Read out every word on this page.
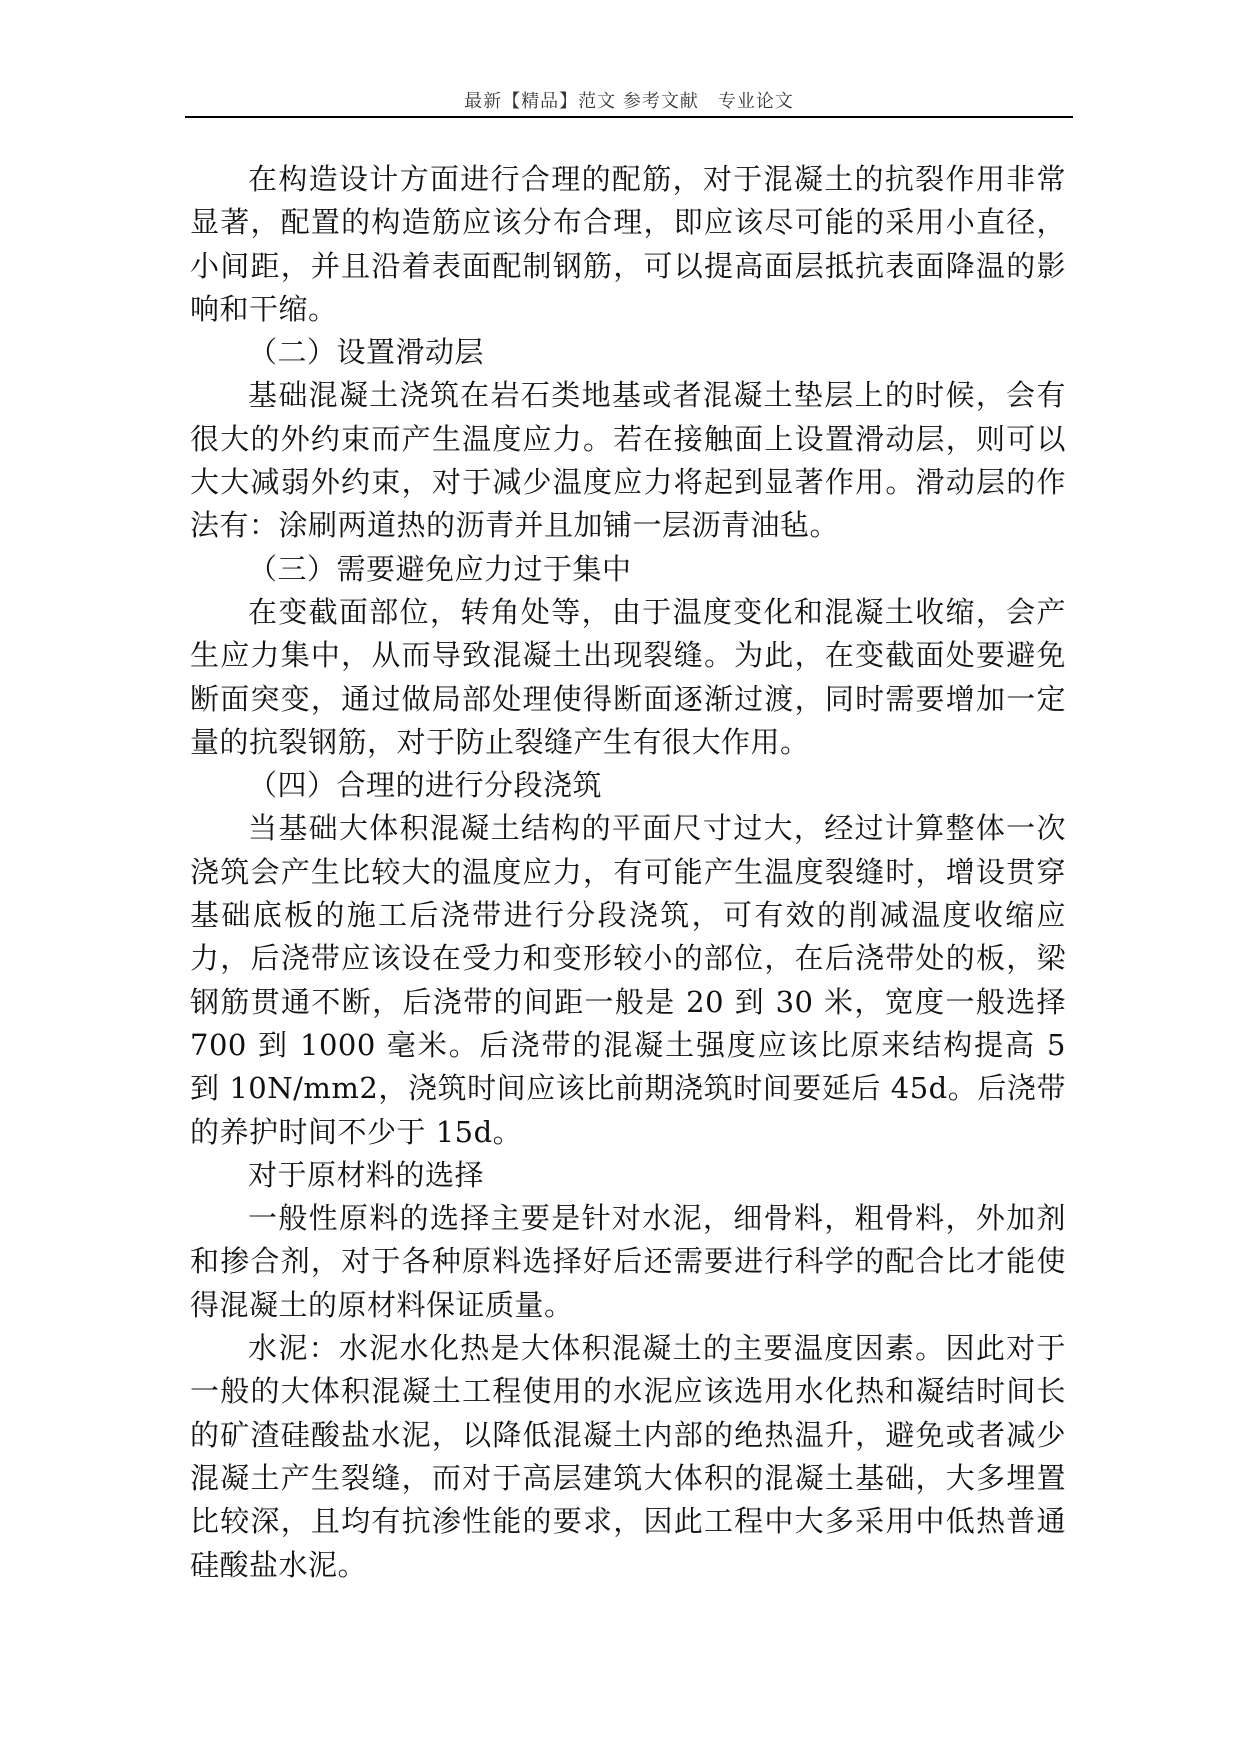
最新【精品】范文 参考文献　专业论文

在构造设计方面进行合理的配筋，对于混凝土的抗裂作用非常显著，配置的构造筋应该分布合理，即应该尽可能的采用小直径，小间距，并且沿着表面配制钢筋，可以提高面层抵抗表面降温的影响和干缩。

（二）设置滑动层

基础混凝土浇筑在岩石类地基或者混凝土垫层上的时候，会有很大的外约束而产生温度应力。若在接触面上设置滑动层，则可以大大减弱外约束，对于减少温度应力将起到显著作用。滑动层的作法有：涂刷两道热的沥青并且加铺一层沥青油毡。

（三）需要避免应力过于集中

在变截面部位，转角处等，由于温度变化和混凝土收缩，会产生应力集中，从而导致混凝土出现裂缝。为此，在变截面处要避免断面突变，通过做局部处理使得断面逐渐过渡，同时需要增加一定量的抗裂钢筋，对于防止裂缝产生有很大作用。

（四）合理的进行分段浇筑

当基础大体积混凝土结构的平面尺寸过大，经过计算整体一次浇筑会产生比较大的温度应力，有可能产生温度裂缝时，增设贯穿基础底板的施工后浇带进行分段浇筑，可有效的削减温度收缩应力，后浇带应该设在受力和变形较小的部位，在后浇带处的板，梁钢筋贯通不断，后浇带的间距一般是 20 到 30 米，宽度一般选择 700 到 1000 毫米。后浇带的混凝土强度应该比原来结构提高 5 到 10N/mm2，浇筑时间应该比前期浇筑时间要延后 45d。后浇带的养护时间不少于 15d。

对于原材料的选择

一般性原料的选择主要是针对水泥，细骨料，粗骨料，外加剂和掺合剂，对于各种原料选择好后还需要进行科学的配合比才能使得混凝土的原材料保证质量。

水泥：水泥水化热是大体积混凝土的主要温度因素。因此对于一般的大体积混凝土工程使用的水泥应该选用水化热和凝结时间长的矿渣硅酸盐水泥，以降低混凝土内部的绝热温升，避免或者减少混凝土产生裂缝，而对于高层建筑大体积的混凝土基础，大多埋置比较深，且均有抗渗性能的要求，因此工程中大多采用中低热普通硅酸盐水泥。
